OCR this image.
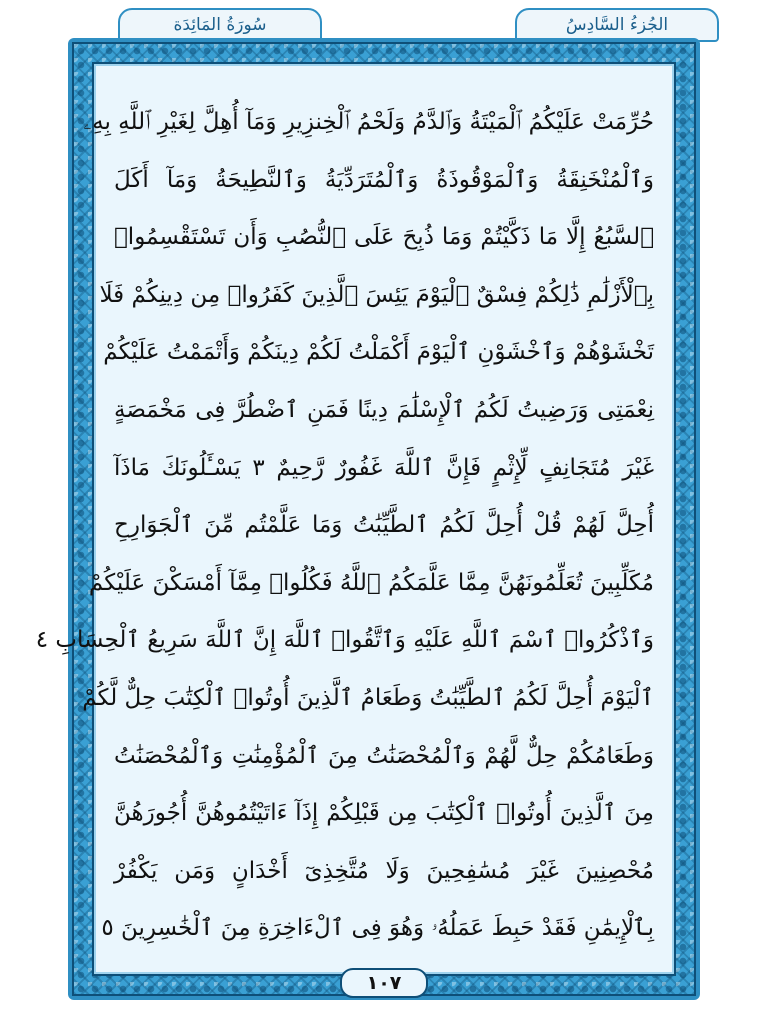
سُورَةُ المَائِدَة	الجُزءُ السَّادِسُ
حُرِّمَتْ عَلَيْكُمُ ٱلْمَيْتَةُ وَٱلدَّمُ وَلَحْمُ ٱلْخِنزِيرِ وَمَآ أُهِلَّ لِغَيْرِ ٱللَّهِ بِهِۦ
وَٱلْمُنْخَنِقَةُ وَٱلْمَوْقُوذَةُ وَٱلْمُتَرَدِّيَةُ وَٱلنَّطِيحَةُ وَمَآ أَكَلَ
ٱلسَّبُعُ إِلَّا مَا ذَكَّيْتُمْ وَمَا ذُبِحَ عَلَى ٱلنُّصُبِ وَأَن تَسْتَقْسِمُوا۟
بِٱلْأَزْلَٰمِ ذَٰلِكُمْ فِسْقٌ ٱلْيَوْمَ يَئِسَ ٱلَّذِينَ كَفَرُوا۟ مِن دِينِكُمْ فَلَا
تَخْشَوْهُمْ وَٱخْشَوْنِ ٱلْيَوْمَ أَكْمَلْتُ لَكُمْ دِينَكُمْ وَأَتْمَمْتُ عَلَيْكُمْ
نِعْمَتِى وَرَضِيتُ لَكُمُ ٱلْإِسْلَٰمَ دِينًا فَمَنِ ٱضْطُرَّ فِى مَخْمَصَةٍ
غَيْرَ مُتَجَانِفٍ لِّإِثْمٍ فَإِنَّ ٱللَّهَ غَفُورٌ رَّحِيمٌ ٣ يَسْـَٔلُونَكَ مَاذَآ
أُحِلَّ لَهُمْ قُلْ أُحِلَّ لَكُمُ ٱلطَّيِّبَٰتُ وَمَا عَلَّمْتُم مِّنَ ٱلْجَوَارِحِ
مُكَلِّبِينَ تُعَلِّمُونَهُنَّ مِمَّا عَلَّمَكُمُ ٱللَّهُ فَكُلُوا۟ مِمَّآ أَمْسَكْنَ عَلَيْكُمْ
وَٱذْكُرُوا۟ ٱسْمَ ٱللَّهِ عَلَيْهِ وَٱتَّقُوا۟ ٱللَّهَ إِنَّ ٱللَّهَ سَرِيعُ ٱلْحِسَابِ ٤
ٱلْيَوْمَ أُحِلَّ لَكُمُ ٱلطَّيِّبَٰتُ وَطَعَامُ ٱلَّذِينَ أُوتُوا۟ ٱلْكِتَٰبَ حِلٌّ لَّكُمْ
وَطَعَامُكُمْ حِلٌّ لَّهُمْ وَٱلْمُحْصَنَٰتُ مِنَ ٱلْمُؤْمِنَٰتِ وَٱلْمُحْصَنَٰتُ
مِنَ ٱلَّذِينَ أُوتُوا۟ ٱلْكِتَٰبَ مِن قَبْلِكُمْ إِذَآ ءَاتَيْتُمُوهُنَّ أُجُورَهُنَّ
مُحْصِنِينَ غَيْرَ مُسَٰفِحِينَ وَلَا مُتَّخِذِىٓ أَخْدَانٍ وَمَن يَكْفُرْ
بِٱلْإِيمَٰنِ فَقَدْ حَبِطَ عَمَلُهُۥ وَهُوَ فِى ٱلْءَاخِرَةِ مِنَ ٱلْخَٰسِرِينَ ٥
١٠٧
